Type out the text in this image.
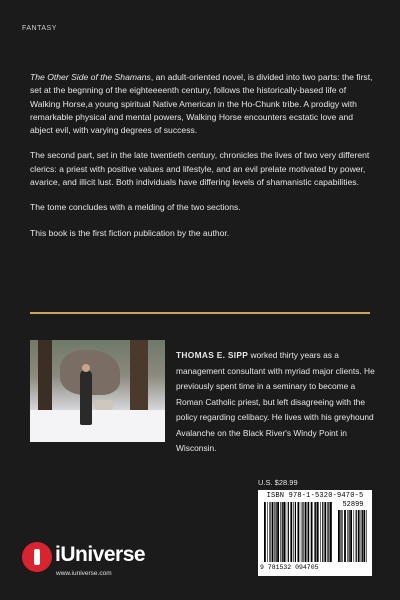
FANTASY

The Other Side of the Shamans, an adult-oriented novel, is divided into two parts: the first, set at the begnning of the eighteeeenth century, follows the historically-based life of Walking Horse,a young spiritual Native American in the Ho-Chunk tribe. A prodigy with remarkable physical and mental powers, Walking Horse encounters ecstatic love and abject evil, with varying degrees of success.

The second part, set in the late twentieth century, chronicles the lives of two very different clerics: a priest with positive values and lifestyle, and an evil prelate motivated by power, avarice, and illicit lust. Both individuals have differing levels of shamanistic capabilities.

The tome concludes with a melding of the two sections.

This book is the first fiction publication by the author.

THOMAS E. SIPP worked thirty years as a management consultant with myriad major clients. He previously spent time in a seminary to become a Roman Catholic priest, but left disagreeing with the policy regarding celibacy. He lives with his greyhound Avalanche on the Black River's Windy Point in Wisconsin.
U.S. $28.99
ISBN 978-1-5320-9470-5
52899
9 781532 094705
iUniverse
www.iuniverse.com
